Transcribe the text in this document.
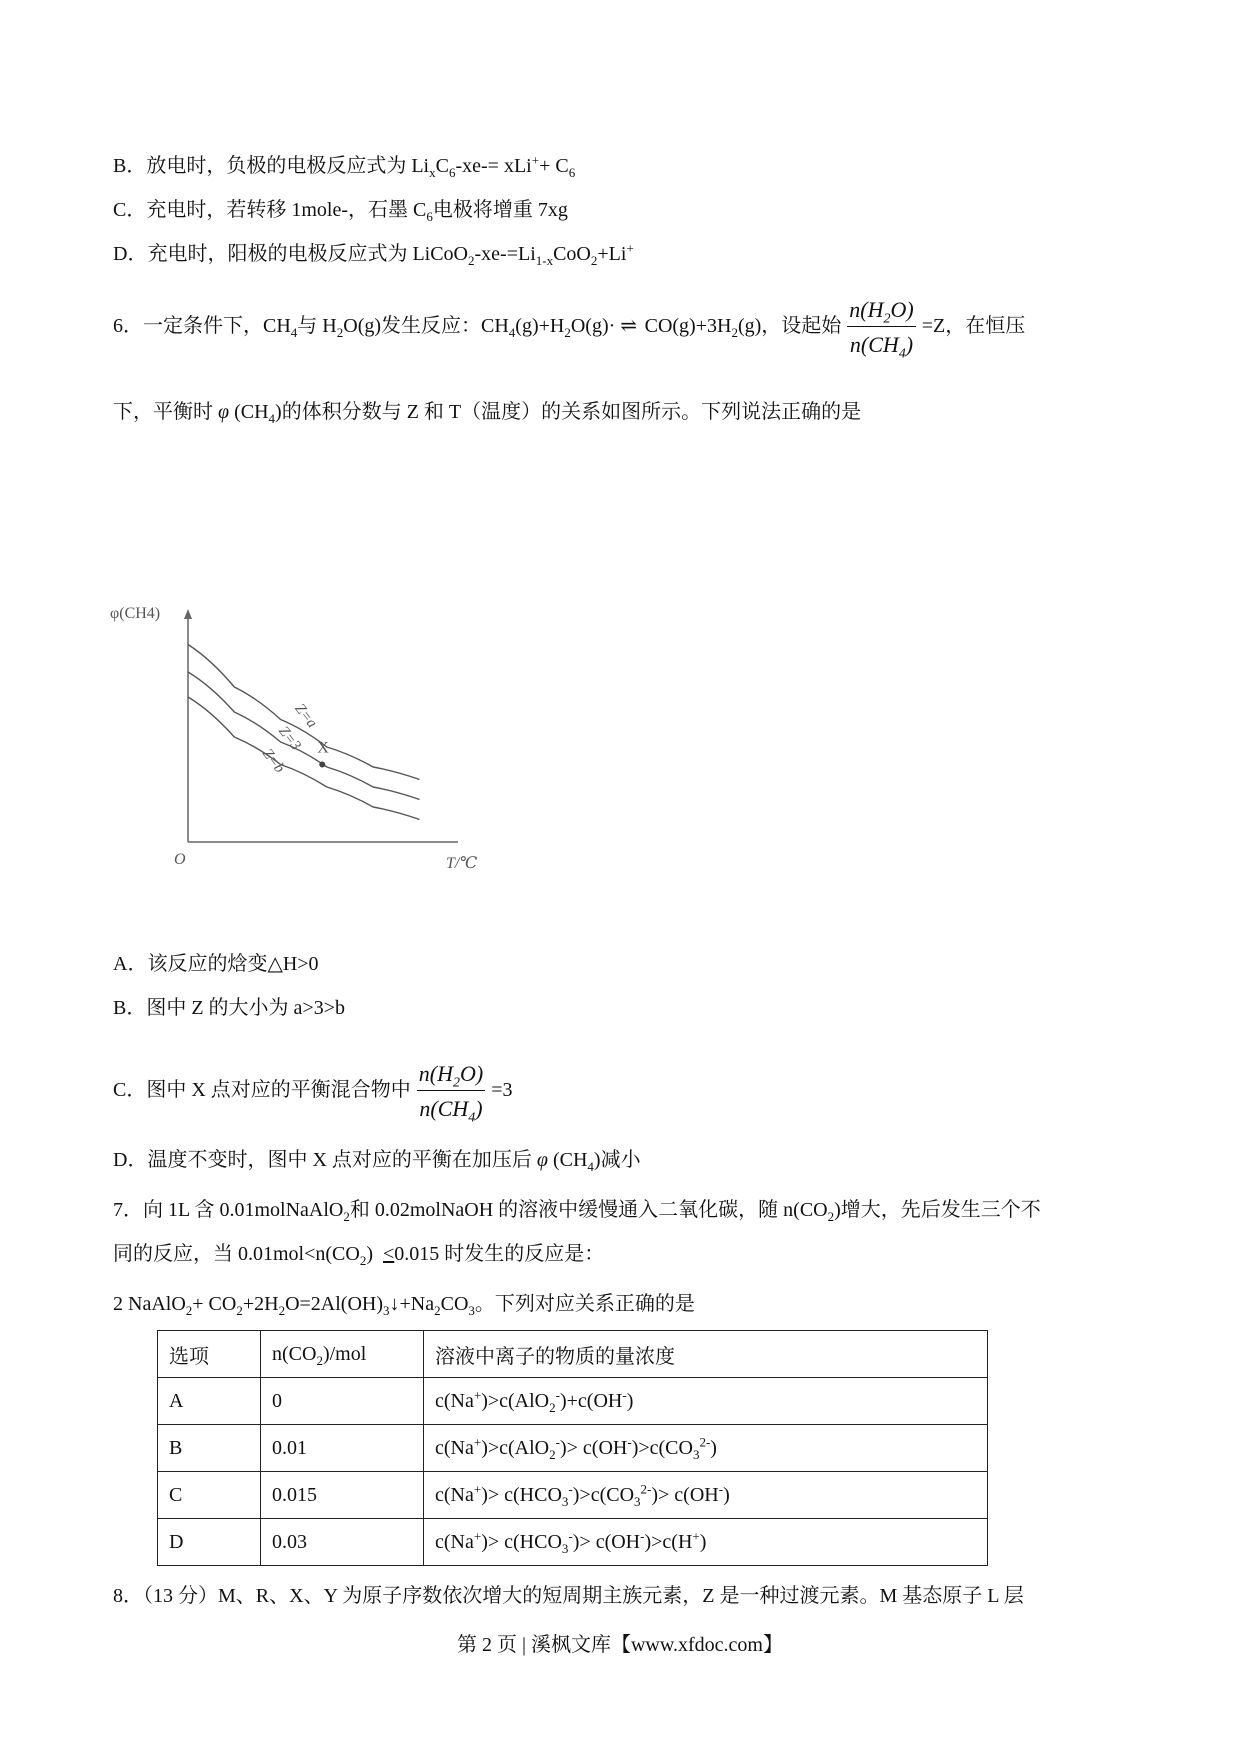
B．放电时，负极的电极反应式为 $Li_xC_6-xe-= xLi^++ C_6$
C．充电时，若转移 1mole-，石墨 $C_6$电极将增重 7xg
D．充电时，阳极的电极反应式为 $LiCoO_2-xe-=Li_{1-x}CoO_2+Li^+$
6．一定条件下，$CH_4$与 $H_2O(g)$发生反应：$CH_4(g)+H_2O(g)\cdot$ $\rightleftharpoons CO(g)+3H_2(g)$，设起始 $\frac{n(H_2O)}{n(CH_4)} =Z$，在恒压
下，平衡时 φ $(CH_4)$的体积分数与 Z 和 T（温度）的关系如图所示。下列说法正确的是
Z=a
Z=3
Z=b X
φ(CH4)
T/℃
O
A．该反应的焓变△H>0
B．图中 Z 的大小为 a>3>b
C．图中 X 点对应的平衡混合物中 $\frac{n(H_2O)}{n(CH_4)} =3$
D．温度不变时，图中 X 点对应的平衡在加压后 φ $(CH_4)$减小
7．向 1L 含 0.01molNaAlO$_2$和 0.02molNaOH 的溶液中缓慢通入二氧化碳，随 $n(CO_2)$增大，先后发生三个不
同的反应，当 $0.01mol<n(CO_2) <0.015$ 时发生的反应是：
2 NaAlO$_2$+ $CO_2+2H_2O=2Al(OH)_3↓+Na_2CO_3$。下列对应关系正确的是
选项	$n(CO_2)$/mol	溶液中离子的物质的量浓度
A	0	c(Na+)>c(AlO$_2$-)+c(OH-)
B	0.01	$c(Na^+)>c(AlO_2^-)> c(OH^-)>c(CO_3^{2-})$
C	0.015	$c(Na^+)> c(HCO_3^-)>c(CO_3^{2-})> c(OH^-)$
D	0.03	$c(Na^+)> c(HCO_3^-)> c(OH^-)>c(H^+)$
8．（13 分）M、R、X、Y 为原子序数依次增大的短周期主族元素，Z 是一种过渡元素。M 基态原子 L 层
第 2 页 | 溪枫文库【www.xfdoc.com】
